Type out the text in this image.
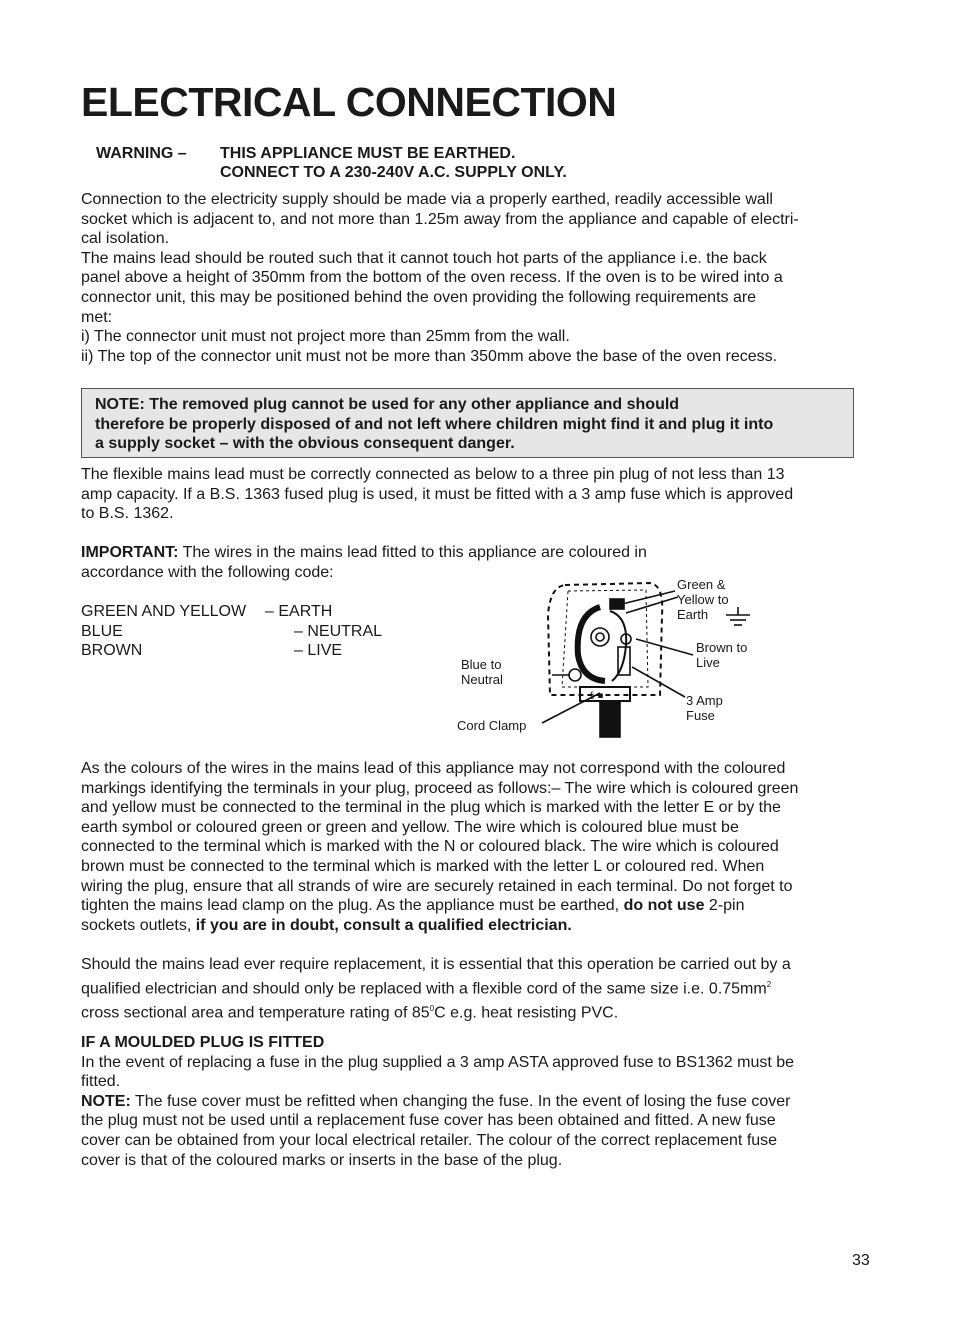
ELECTRICAL CONNECTION
WARNING – THIS APPLIANCE MUST BE EARTHED.
CONNECT TO A 230-240V A.C. SUPPLY ONLY.
Connection to the electricity supply should be made via a properly earthed, readily accessible wall
socket which is adjacent to, and not more than 1.25m away from the appliance and capable of electri-
cal isolation.
The mains lead should be routed such that it cannot touch hot parts of the appliance i.e. the back
panel above a height of 350mm from the bottom of the oven recess. If the oven is to be wired into a
connector unit, this may be positioned behind the oven providing the following requirements are
met:
i) The connector unit must not project more than 25mm from the wall.
ii) The top of the connector unit must not be more than 350mm above the base of the oven recess.

NOTE: The removed plug cannot be used for any other appliance and should
therefore be properly disposed of and not left where children might find it and plug it into
a supply socket – with the obvious consequent danger.

The flexible mains lead must be correctly connected as below to a three pin plug of not less than 13
amp capacity. If a B.S. 1363 fused plug is used, it must be fitted with a 3 amp fuse which is approved
to B.S. 1362.
IMPORTANT: The wires in the mains lead fitted to this appliance are coloured in
accordance with the following code:
GREEN AND YELLOW – EARTH
BLUE	– NEUTRAL
BROWN	– LIVE
§ ▪
Green &
Yellow to
Earth
Brown to
Live
Blue to
Neutral
3 Amp
Fuse
Cord Clamp
As the colours of the wires in the mains lead of this appliance may not correspond with the coloured
markings identifying the terminals in your plug, proceed as follows:– The wire which is coloured green
and yellow must be connected to the terminal in the plug which is marked with the letter E or by the
earth symbol or coloured green or green and yellow. The wire which is coloured blue must be
connected to the terminal which is marked with the N or coloured black. The wire which is coloured
brown must be connected to the terminal which is marked with the letter L or coloured red. When
wiring the plug, ensure that all strands of wire are securely retained in each terminal. Do not forget to
tighten the mains lead clamp on the plug. As the appliance must be earthed, do not use 2-pin
sockets outlets, if you are in doubt, consult a qualified electrician.
Should the mains lead ever require replacement, it is essential that this operation be carried out by a
qualified electrician and should only be replaced with a flexible cord of the same size i.e. $0.75mm^2$
cross sectional area and temperature rating of $85^0C$ e.g. heat resisting PVC.
IF A MOULDED PLUG IS FITTED
In the event of replacing a fuse in the plug supplied a 3 amp ASTA approved fuse to BS1362 must be
fitted.
NOTE: The fuse cover must be refitted when changing the fuse. In the event of losing the fuse cover
the plug must not be used until a replacement fuse cover has been obtained and fitted. A new fuse
cover can be obtained from your local electrical retailer. The colour of the correct replacement fuse
cover is that of the coloured marks or inserts in the base of the plug.
33
